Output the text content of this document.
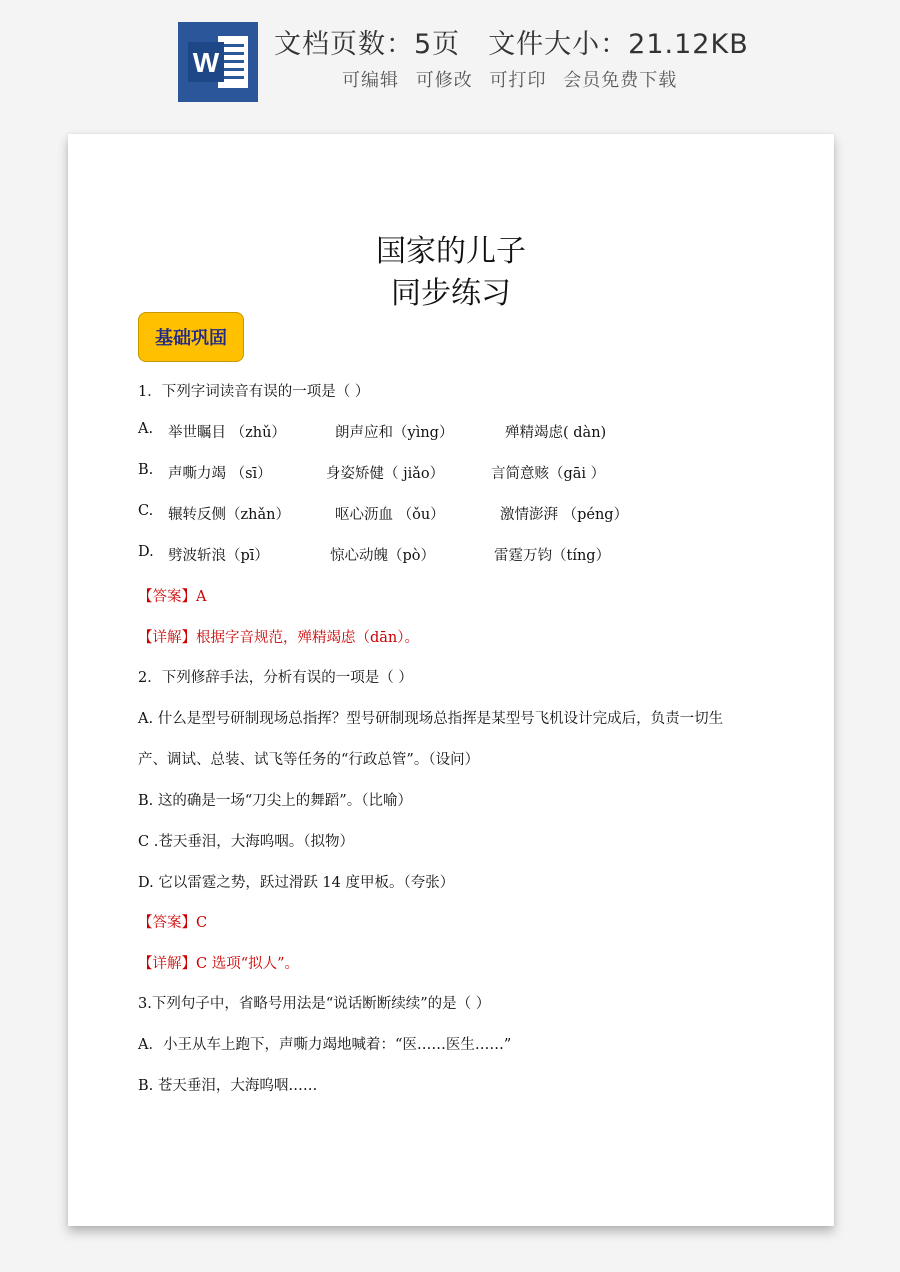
W
文档页数：5页 文件大小：21.12KB
可编辑 可修改 可打印 会员免费下载
国家的儿子
同步练习
基础巩固
1．下列字词读音有误的一项是（ ）
A. 举世瞩目 （zhǔ）	朗声应和（yìng）	殚精竭虑( dàn)
B. 声嘶力竭 （sī）	身姿矫健（ jiǎo）	言简意赅（gāi ）
C. 辗转反侧（zhǎn）	呕心沥血 （ǒu）	激情澎湃 （péng）
D. 劈波斩浪（pī）	惊心动魄（pò）	雷霆万钧（tíng）
【答案】A
【详解】根据字音规范，殚精竭虑（dān）。
2．下列修辞手法，分析有误的一项是（ ）
A. 什么是型号研制现场总指挥？型号研制现场总指挥是某型号飞机设计完成后，负责一切生
产、调试、总装、试飞等任务的“行政总管”。（设问）
B. 这的确是一场“刀尖上的舞蹈”。（比喻）
C .苍天垂泪，大海呜咽。（拟物）
D. 它以雷霆之势，跃过滑跃 14 度甲板。（夸张）
【答案】C
【详解】C 选项“拟人”。
3.下列句子中，省略号用法是“说话断断续续”的是（ ）
A．小王从车上跑下，声嘶力竭地喊着：“医……医生……”
B. 苍天垂泪，大海呜咽……
